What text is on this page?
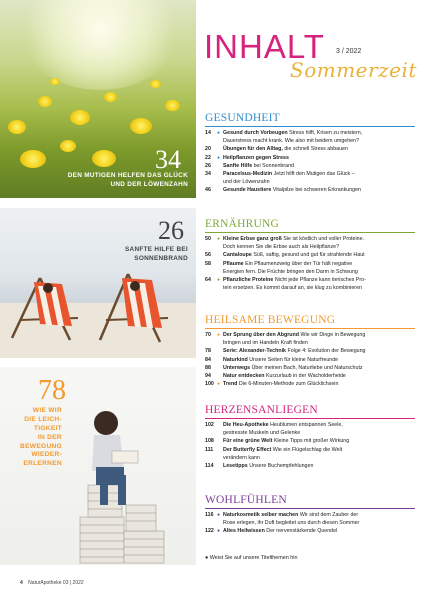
34
DEN MUTIGEN HELFEN DAS GLÜCK
UND DER LÖWENZAHN
26
SANFTE HILFE BEI
SONNENBRAND
78
WIE WIR
DIE LEICH-
TIGKEIT
IN DER
BEWEGUNG
WIEDER-
ERLERNEN
INHALT 3 / 2022
Sommerzeit
GESUNDHEIT
14	● Gesund durch Vorbeugen Stress hilft, Krisen zu meistern,
Dauerstress macht krank. Wie also mit beidem umgehen?
20	Übungen für den Alltag, die schnell Stress abbauen
22	● Heilpflanzen gegen Stress
26	Sanfte Hilfe bei Sonnenbrand
34	Paracelsus-Medizin Jetzt hilft den Mutigen das Glück –
und der Löwenzahn
46	Gesunde Haustiere Vitalpilze bei schweren Erkrankungen
ERNÄHRUNG
50	● Kleine Erbse ganz groß Sie ist köstlich und voller Proteine.
Doch kennen Sie die Erbse auch als Heilpflanze?
56	Cantaloupe Süß, saftig, gesund und gut für strahlende Haut
58	Pflaume Ein Pflaumenzweig über der Tür hält negative
Energien fern. Die Früchte bringen den Darm in Schwung
64	● Pflanzliche Proteine Nicht jede Pflanze kann tierisches Pro-
tein ersetzen. Es kommt darauf an, sie klug zu kombinieren
HEILSAME BEWEGUNG
70	● Der Sprung über den Abgrund Wie wir Dinge in Bewegung
bringen und im Handeln Kraft finden
78	Serie: Alexander-Technik Folge 4: Evolution der Bewegung
84	Naturkind Unsere Seiten für kleine Naturfreunde
88	Unterwegs Über meinen Bach, Naturliebe und Naturschutz
94	Natur entdecken Kurzurlaub in der Wacholderheide
100 ● Trend Die 6-Minuten-Methode zum Glücklichsein
HERZENSANLIEGEN
102	Die Heu-Apotheke Heublumen entspannen Seele,
gestresste Muskeln und Gelenke
108	Für eine grüne Welt Kleine Tipps mit großer Wirkung
111	Der Butterfly Effect Wie ein Flügelschlag die Welt
verändern kann
114	Lesetipps Unsere Buchempfehlungen
WOHLFÜHLEN
116 ● Naturkosmetik selber machen Wir sind dem Zauber der
Rose erlegen, ihr Duft begleitet uns durch diesen Sommer
122 ● Altes Heilwissen Der nervenstärkende Quendel
● Weist Sie auf unsere Titelthemen hin
4 NaturApotheke 03 | 2022
